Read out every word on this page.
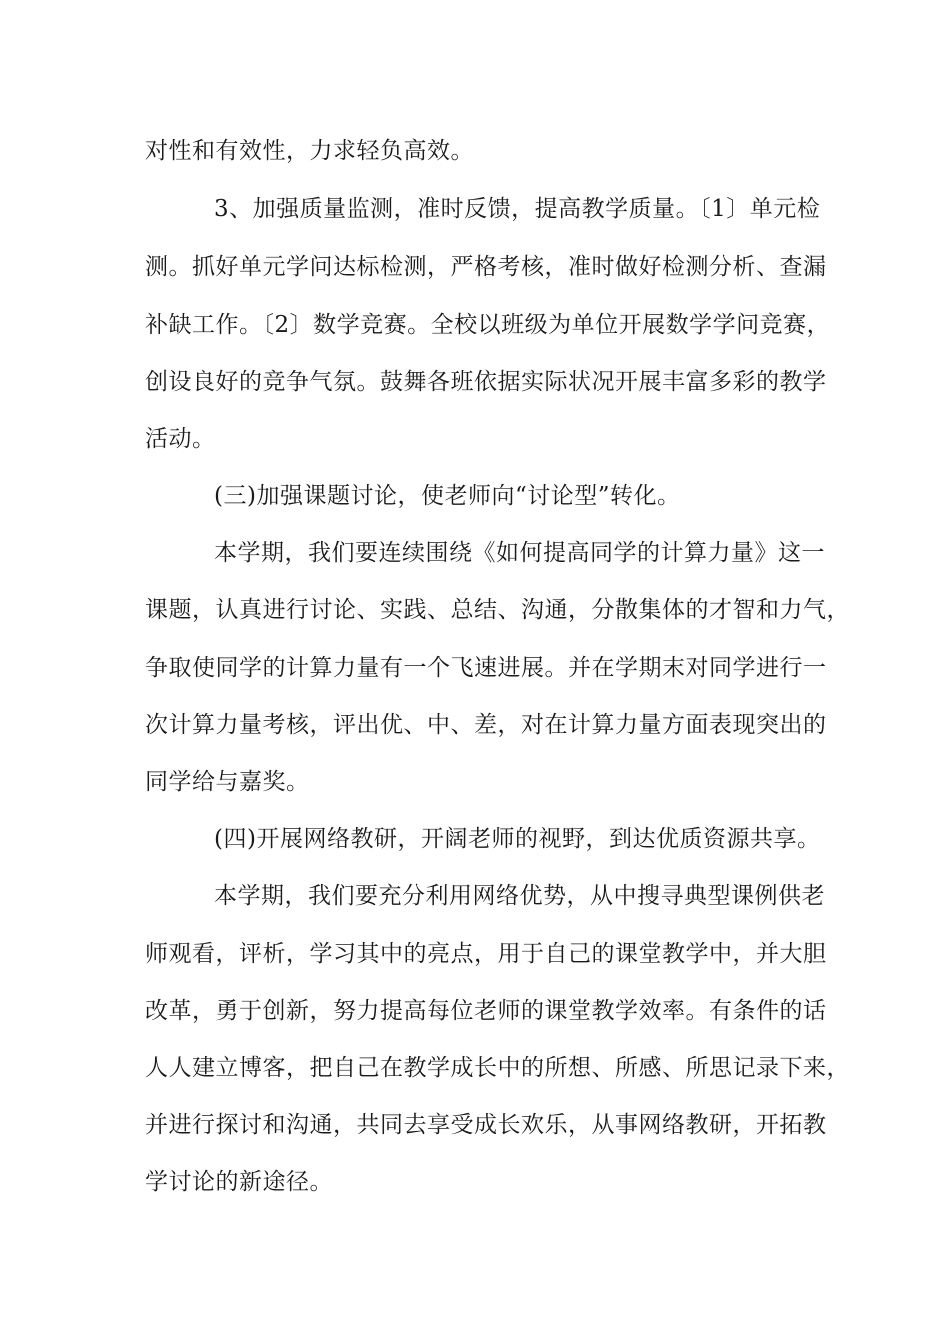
对性和有效性，力求轻负高效。
3、加强质量监测，准时反馈，提高教学质量。〔1〕单元检
测。抓好单元学问达标检测，严格考核，准时做好检测分析、查漏
补缺工作。〔2〕数学竞赛。全校以班级为单位开展数学学问竞赛，
创设良好的竞争气氛。鼓舞各班依据实际状况开展丰富多彩的教学
活动。
(三)加强课题讨论，使老师向“讨论型”转化。
本学期，我们要连续围绕《如何提高同学的计算力量》这一
课题，认真进行讨论、实践、总结、沟通，分散集体的才智和力气，
争取使同学的计算力量有一个飞速进展。并在学期末对同学进行一
次计算力量考核，评出优、中、差，对在计算力量方面表现突出的
同学给与嘉奖。
(四)开展网络教研，开阔老师的视野，到达优质资源共享。
本学期，我们要充分利用网络优势，从中搜寻典型课例供老
师观看，评析，学习其中的亮点，用于自己的课堂教学中，并大胆
改革，勇于创新，努力提高每位老师的课堂教学效率。有条件的话
人人建立博客，把自己在教学成长中的所想、所感、所思记录下来，
并进行探讨和沟通，共同去享受成长欢乐，从事网络教研，开拓教
学讨论的新途径。
